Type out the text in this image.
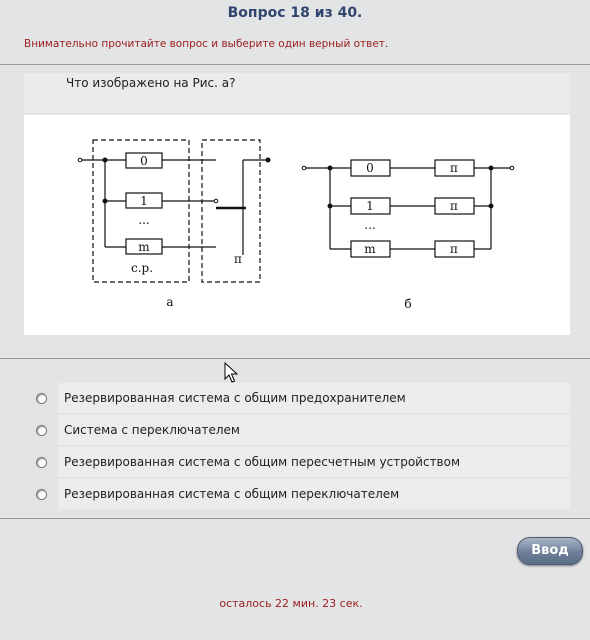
Вопрос 18 из 40.
Внимательно прочитайте вопрос и выберите один верный ответ.
Что изображено на Рис. а?
0
1
...
m
с.р.
п
а
0
1
...
m
п
п
п
б
Резервированная система с общим предохранителем
Система с переключателем
Резервированная система с общим пересчетным устройством
Резервированная система с общим переключателем
Ввод
осталось 22 мин. 23 сек.
